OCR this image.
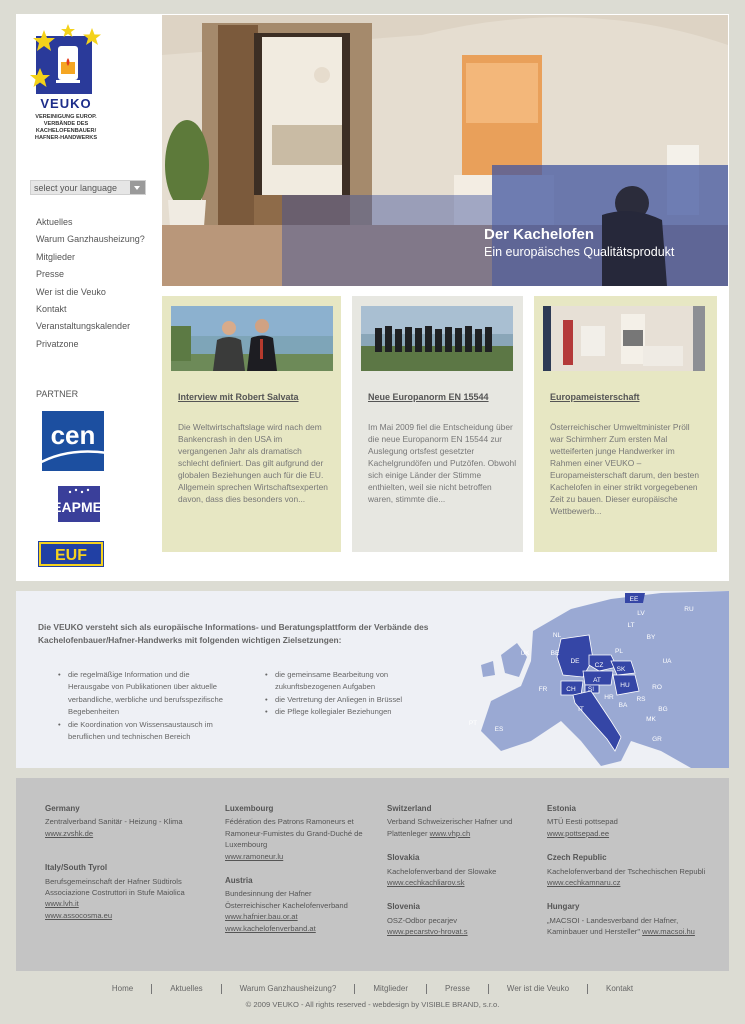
VEUKO
VEREINIGUNG EUROP.
VERBÄNDE DES
KACHELOFENBAUER/
HAFNER-HANDWERKS
select your language
Aktuelles
Warum Ganzhausheizung?
Mitglieder
Presse
Wer ist die Veuko
Kontakt
Veranstaltungskalender
Privatzone
PARTNER
cen
UEAPME
EUF
Der Kachelofen
Ein europäisches Qualitätsprodukt
Interview mit Robert Salvata
Die Weltwirtschaftslage wird nach dem Bankencrash in den USA im vergangenen Jahr als dramatisch schlecht definiert. Das gilt aufgrund der globalen Beziehungen auch für die EU. Allgemein sprechen Wirtschaftsexperten davon, dass dies besonders von...
Neue Europanorm EN 15544
Im Mai 2009 fiel die Entscheidung über die neue Europanorm EN 15544 zur Auslegung ortsfest gesetzter Kachelgrundöfen und Putzöfen. Obwohl sich einige Länder der Stimme enthielten, weil sie nicht betroffen waren, stimmte die...
Europameisterschaft
Österreichischer Umweltminister Pröll war Schirmherr Zum ersten Mal wetteiferten junge Handwerker im Rahmen einer VEUKO – Europameisterschaft darum, den besten Kachelofen in einer strikt vorgegebenen Zeit zu bauen. Dieser europäische Wettbewerb...
Die VEUKO versteht sich als europäische Informations- und Beratungsplattform der Verbände des Kachelofenbauer/Hafner-Handwerks mit folgenden wichtigen Zielsetzungen:
• die regelmäßige Information und die Herausgabe von Publikationen über aktuelle verbandliche, werbliche und berufsspezifische Begebenheiten
• die Koordination von Wissensaustausch im beruflichen und technischen Bereich
• die gemeinsame Bearbeitung von zukunftsbezogenen Aufgaben
• die Vertretung der Anliegen in Brüssel
• die Pflege kollegialer Beziehungen
EE
RU
LV
LT
BY
PL
UK
NL
BE
DE
CZ
SK
UA
FR
AT
HU	RO
CH SI
HR
BA
RS
IT	BG
PT
ES
MK
GR
Germany
Zentralverband Sanitär - Heizung - Klima
www.zvshk.de
Italy/South Tyrol
Berufsgemeinschaft der Hafner Südtirols Associazione Costruttori in Stufe Maiolica
www.lvh.it
www.assocosma.eu
Luxembourg
Fédération des Patrons Ramoneurs et Ramoneur-Fumistes du Grand-Duché de Luxembourg
www.ramoneur.lu
Austria
Bundesinnung der Hafner Österreichischer Kachelofenverband
www.hafnier.bau.or.at
www.kachelofenverband.at
Switzerland
Verband Schweizerischer Hafner und Plattenleger www.vhp.ch
Slovakia
Kachelofenverband der Slowake
www.cechkachliarov.sk
Slovenia
OSZ-Odbor pecarjev
www.pecarstvo-hrovat.s
Estonia
MTÜ Eesti pottsepad
www.pottsepad.ee
Czech Republic
Kachelofenverband der Tschechischen Republi
www.cechkamnaru.cz
Hungary
„MACSOI - Landesverband der Hafner, Kaminbauer und Hersteller" www.macsoi.hu
Home	Aktuelles	Warum Ganzhausheizung?	Mitglieder	Presse	Wer ist die Veuko	Kontakt
© 2009 VEUKO - All rights reserved - webdesign by VISIBLE BRAND, s.r.o.
